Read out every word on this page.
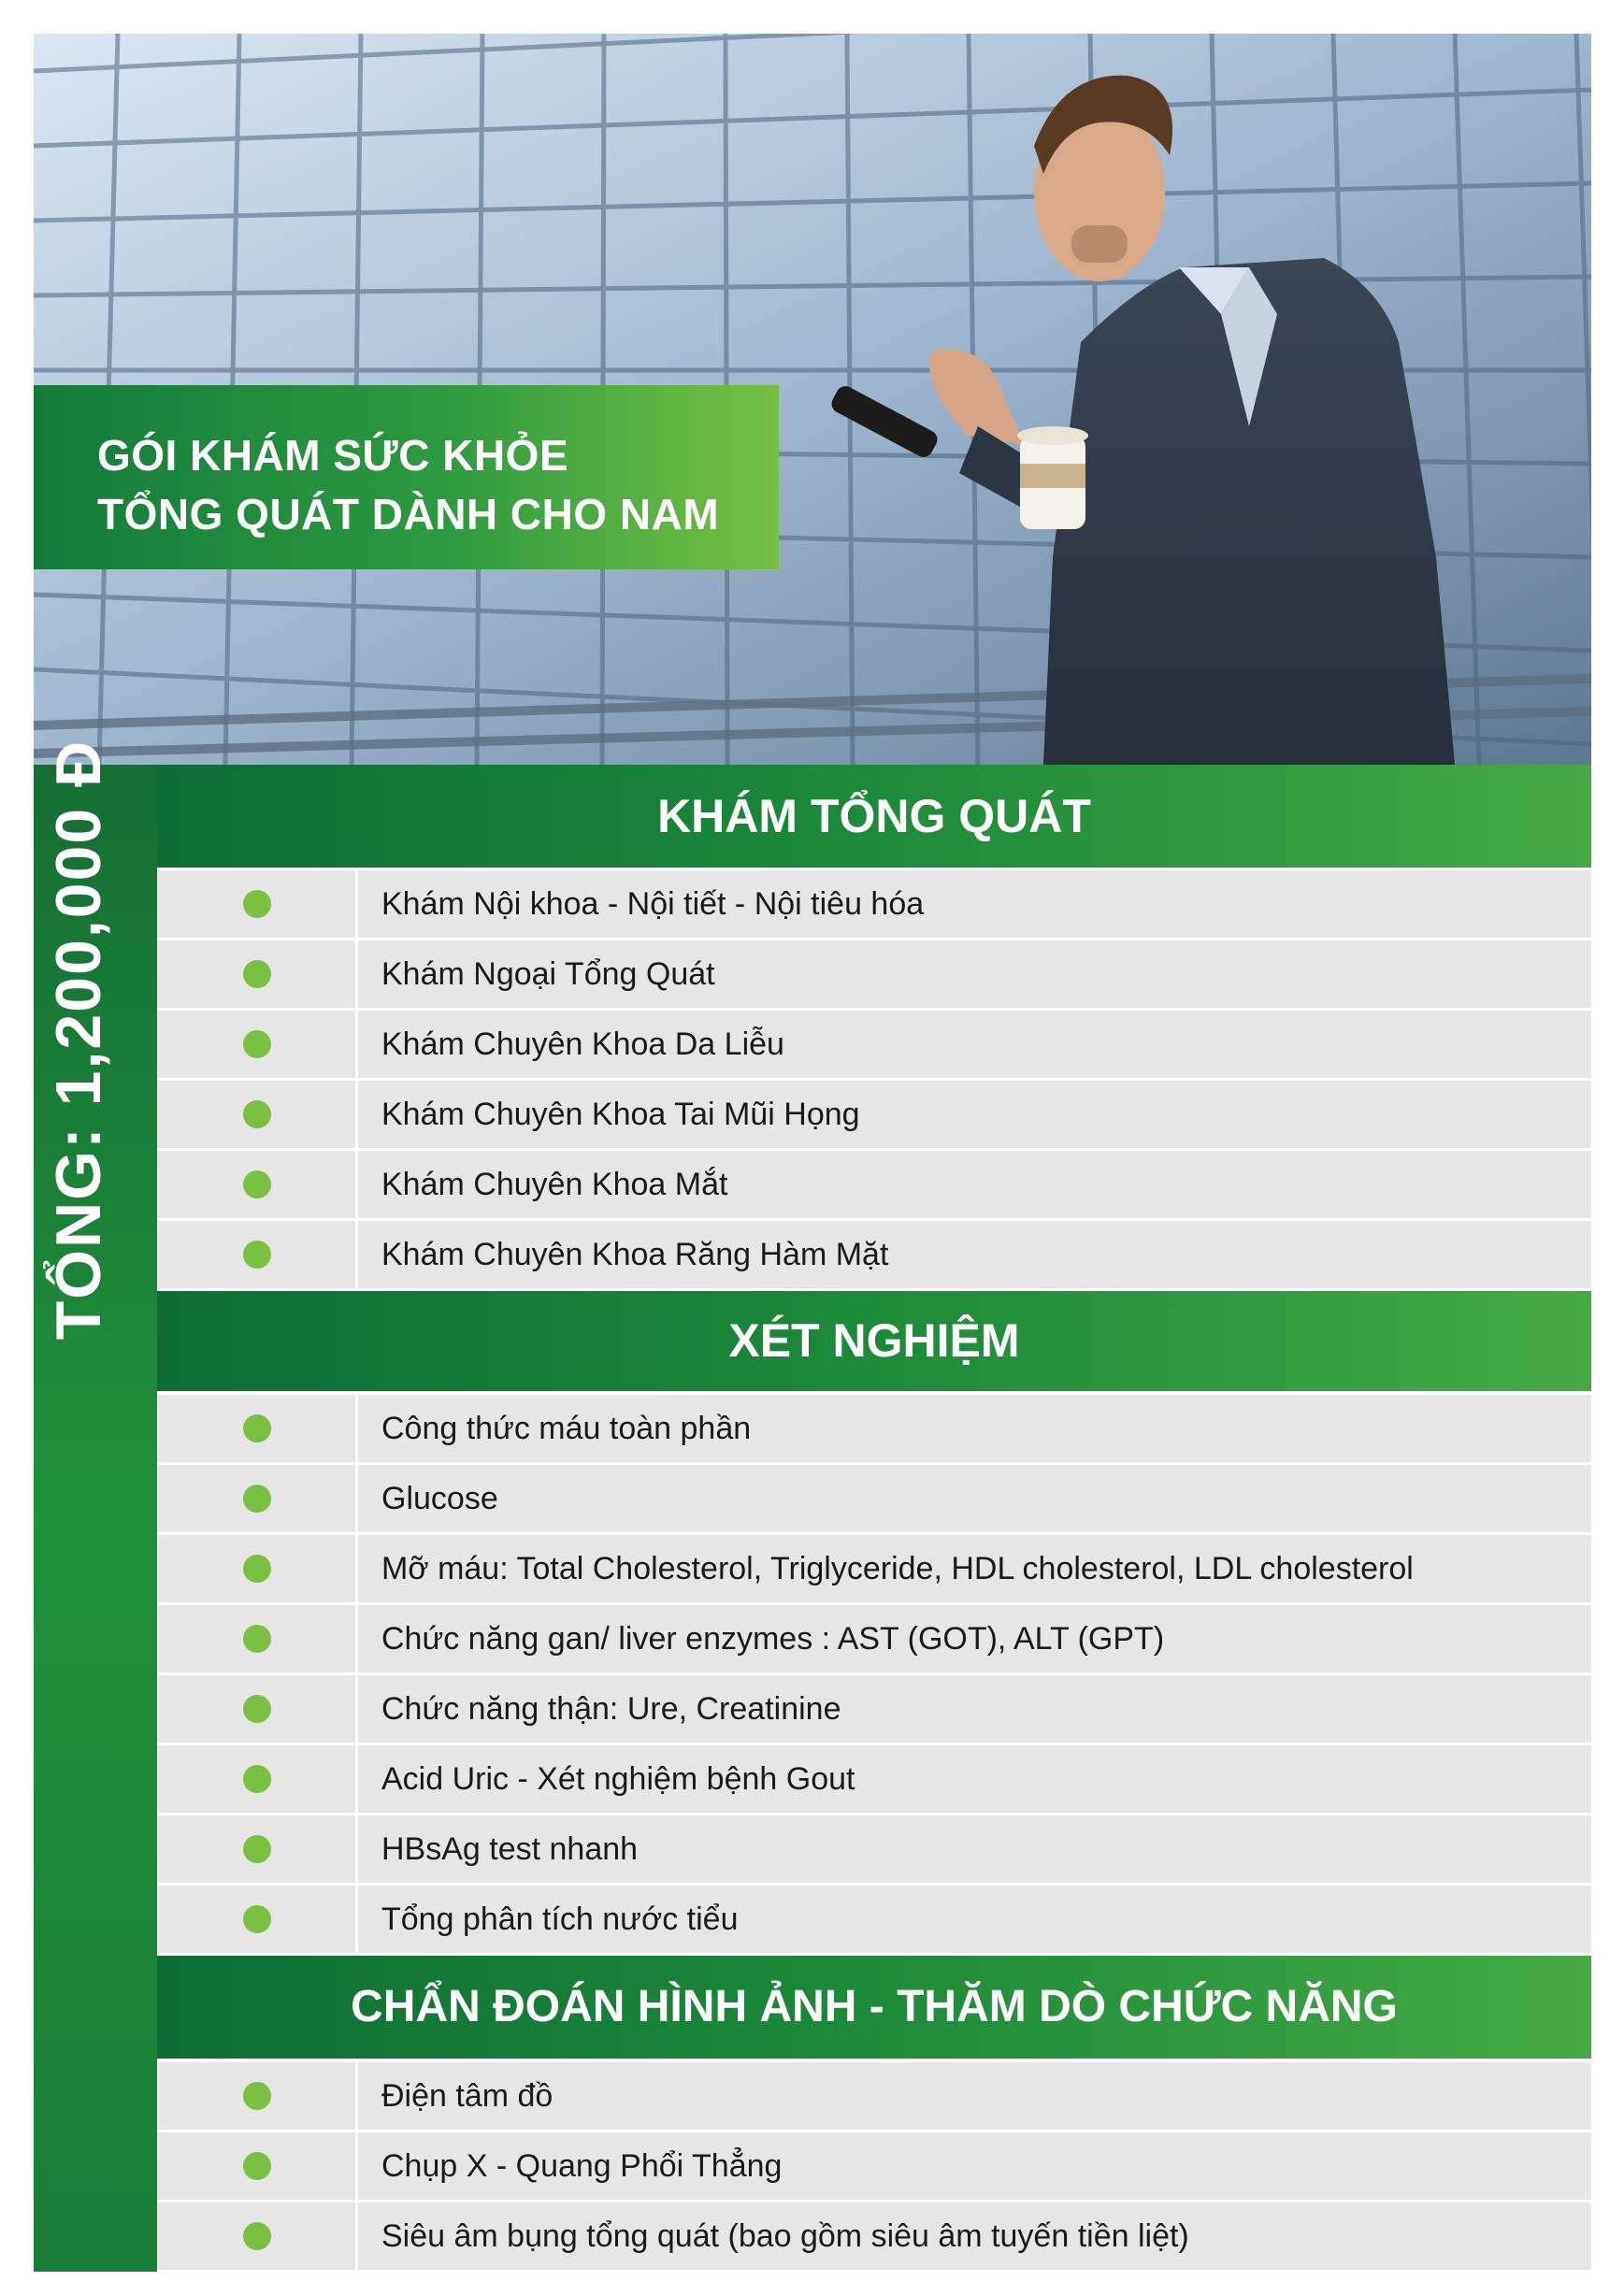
GÓI KHÁM SỨC KHỎE
TỔNG QUÁT DÀNH CHO NAM
TỔNG: 1,200,000 Đ	KHÁM TỔNG QUÁT
Khám Nội khoa - Nội tiết - Nội tiêu hóa
Khám Ngoại Tổng Quát
Khám Chuyên Khoa Da Liễu
Khám Chuyên Khoa Tai Mũi Họng
Khám Chuyên Khoa Mắt
Khám Chuyên Khoa Răng Hàm Mặt
XÉT NGHIỆM
Công thức máu toàn phần
Glucose
Mỡ máu: Total Cholesterol, Triglyceride, HDL cholesterol, LDL cholesterol
Chức năng gan/ liver enzymes : AST (GOT), ALT (GPT)
Chức năng thận: Ure, Creatinine
Acid Uric - Xét nghiệm bệnh Gout
HBsAg test nhanh
Tổng phân tích nước tiểu
CHẨN ĐOÁN HÌNH ẢNH - THĂM DÒ CHỨC NĂNG
Điện tâm đồ
Chụp X - Quang Phổi Thẳng
Siêu âm bụng tổng quát (bao gồm siêu âm tuyến tiền liệt)
